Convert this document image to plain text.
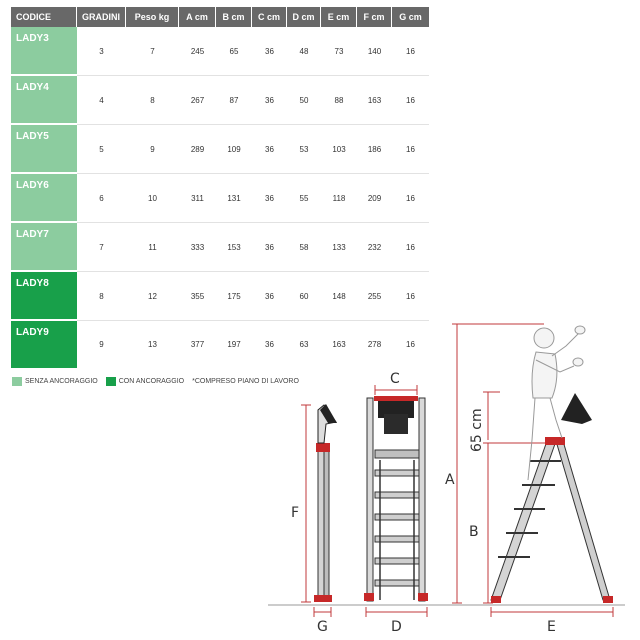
CODICE	GRADINI	Peso kg	A cm	B cm	C cm	D cm	E cm	F cm	G cm
LADY3	3	7	245	65	36	48	73	140	16
LADY4	4	8	267	87	36	50	88	163	16
LADY5	5	9	289	109	36	53	103	186	16
LADY6	6	10	311	131	36	55	118	209	16
LADY7	7	11	333	153	36	58	133	232	16
LADY8	8	12	355	175	36	60	148	255	16
LADY9	9	13	377	197	36	63	163	278	16
SENZA ANCORAGGIO	CON ANCORAGGIO *COMPRESO PIANO DI LAVORO
F
G
C
D
A
65 cm
B
E
